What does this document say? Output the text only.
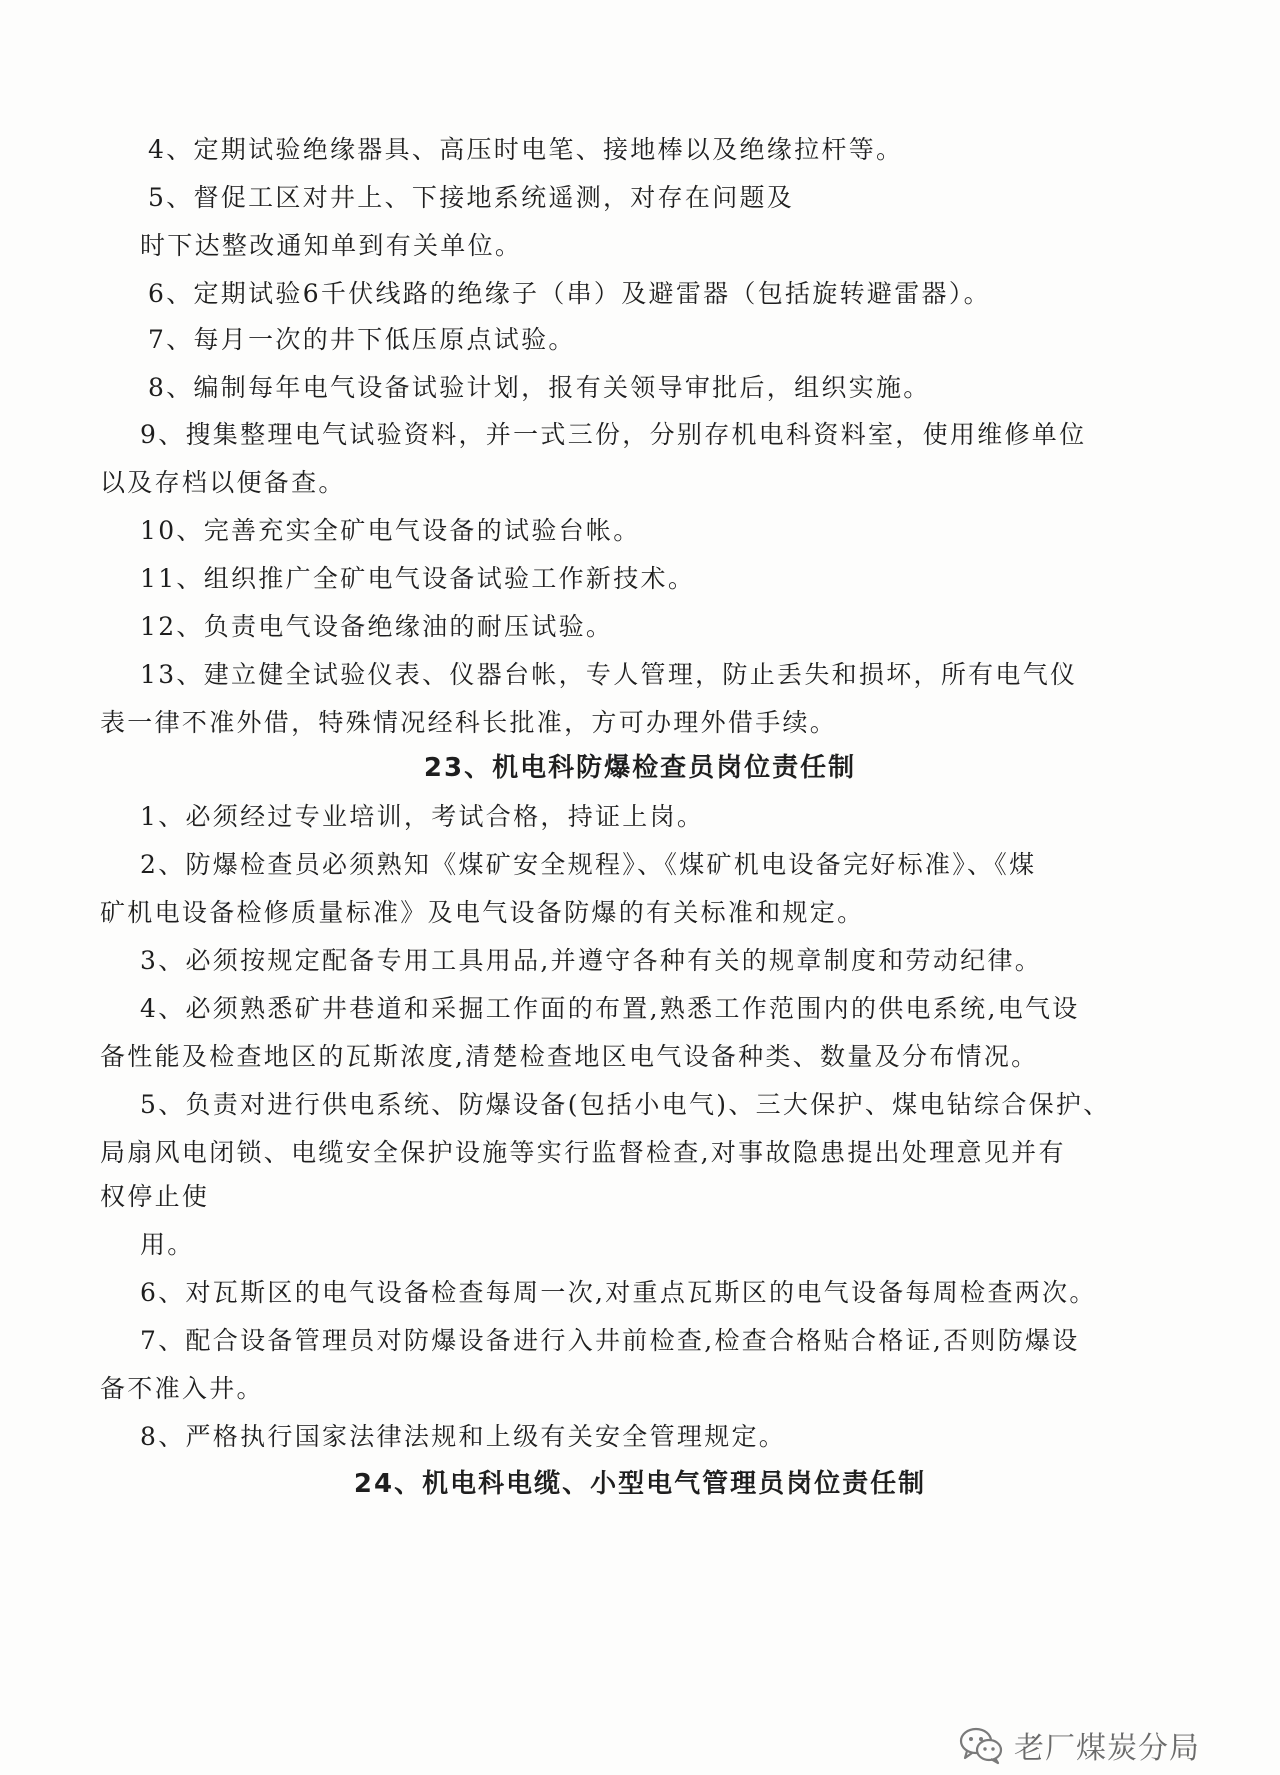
4、定期试验绝缘器具、高压时电笔、接地棒以及绝缘拉杆等。
5、督促工区对井上、下接地系统遥测，对存在问题及
时下达整改通知单到有关单位。
6、定期试验6千伏线路的绝缘子（串）及避雷器（包括旋转避雷器）。
7、每月一次的井下低压原点试验。
8、编制每年电气设备试验计划，报有关领导审批后，组织实施。
9、搜集整理电气试验资料，并一式三份，分别存机电科资料室，使用维修单位
以及存档以便备查。
10、完善充实全矿电气设备的试验台帐。
11、组织推广全矿电气设备试验工作新技术。
12、负责电气设备绝缘油的耐压试验。
13、建立健全试验仪表、仪器台帐，专人管理，防止丢失和损坏，所有电气仪
表一律不准外借，特殊情况经科长批准，方可办理外借手续。
23、机电科防爆检查员岗位责任制
1、必须经过专业培训，考试合格，持证上岗。
2、防爆检查员必须熟知《煤矿安全规程》、《煤矿机电设备完好标准》、《煤
矿机电设备检修质量标准》及电气设备防爆的有关标准和规定。
3、必须按规定配备专用工具用品,并遵守各种有关的规章制度和劳动纪律。
4、必须熟悉矿井巷道和采掘工作面的布置,熟悉工作范围内的供电系统,电气设
备性能及检查地区的瓦斯浓度,清楚检查地区电气设备种类、数量及分布情况。
5、负责对进行供电系统、防爆设备(包括小电气)、三大保护、煤电钻综合保护、
局扇风电闭锁、电缆安全保护设施等实行监督检查,对事故隐患提出处理意见并有
权停止使
用。
6、对瓦斯区的电气设备检查每周一次,对重点瓦斯区的电气设备每周检查两次。
7、配合设备管理员对防爆设备进行入井前检查,检查合格贴合格证,否则防爆设
备不准入井。
8、严格执行国家法律法规和上级有关安全管理规定。
24、机电科电缆、小型电气管理员岗位责任制
老厂煤炭分局
